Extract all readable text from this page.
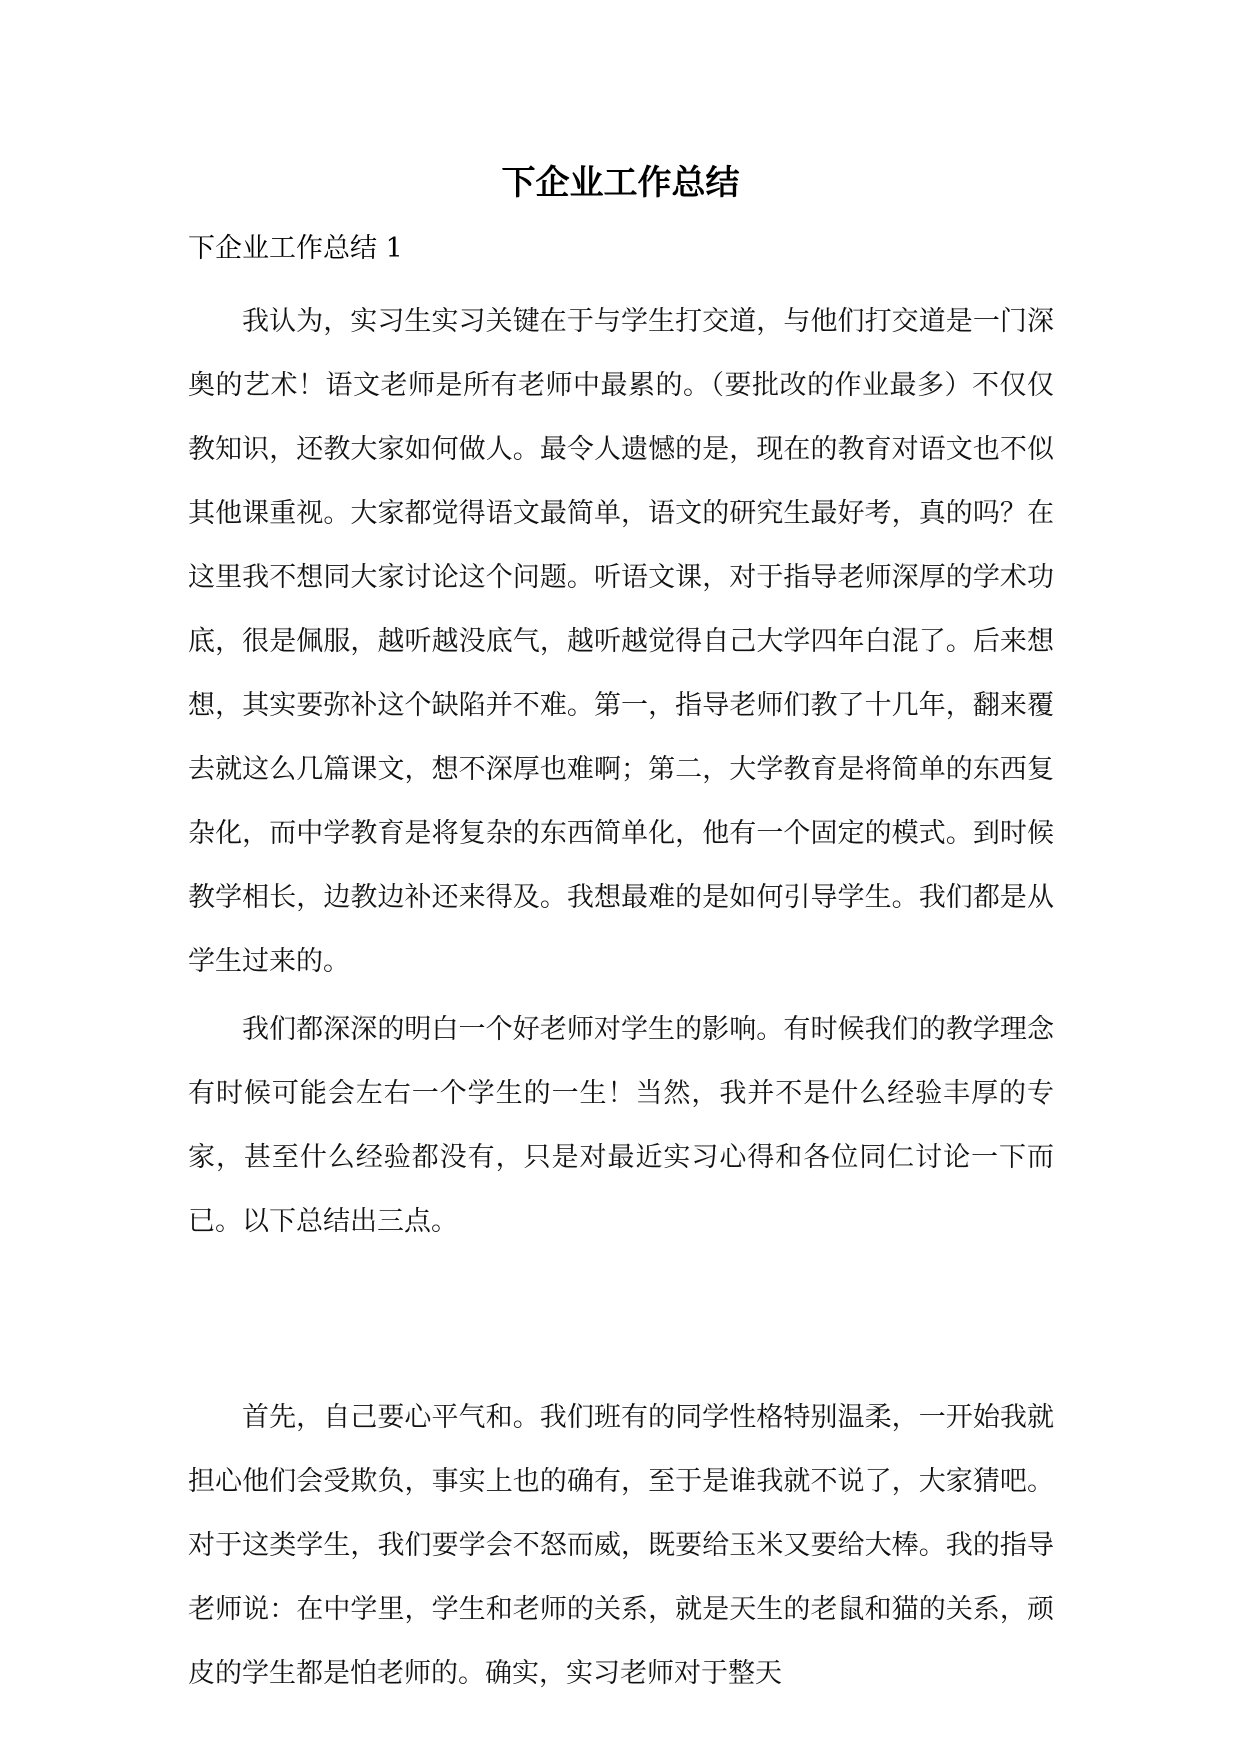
下企业工作总结

下企业工作总结 1

我认为，实习生实习关键在于与学生打交道，与他们打交道是一门深奥的艺术！语文老师是所有老师中最累的。（要批改的作业最多）不仅仅教知识，还教大家如何做人。最令人遗憾的是，现在的教育对语文也不似其他课重视。大家都觉得语文最简单，语文的研究生最好考，真的吗？在这里我不想同大家讨论这个问题。听语文课，对于指导老师深厚的学术功底，很是佩服，越听越没底气，越听越觉得自己大学四年白混了。后来想想，其实要弥补这个缺陷并不难。第一，指导老师们教了十几年，翻来覆去就这么几篇课文，想不深厚也难啊；第二，大学教育是将简单的东西复杂化，而中学教育是将复杂的东西简单化，他有一个固定的模式。到时候教学相长，边教边补还来得及。我想最难的是如何引导学生。我们都是从学生过来的。

我们都深深的明白一个好老师对学生的影响。有时候我们的教学理念有时候可能会左右一个学生的一生！当然，我并不是什么经验丰厚的专家，甚至什么经验都没有，只是对最近实习心得和各位同仁讨论一下而已。以下总结出三点。

首先，自己要心平气和。我们班有的同学性格特别温柔，一开始我就担心他们会受欺负，事实上也的确有，至于是谁我就不说了，大家猜吧。对于这类学生，我们要学会不怒而威，既要给玉米又要给大棒。我的指导老师说：在中学里，学生和老师的关系，就是天生的老鼠和猫的关系，顽皮的学生都是怕老师的。确实，实习老师对于整天
